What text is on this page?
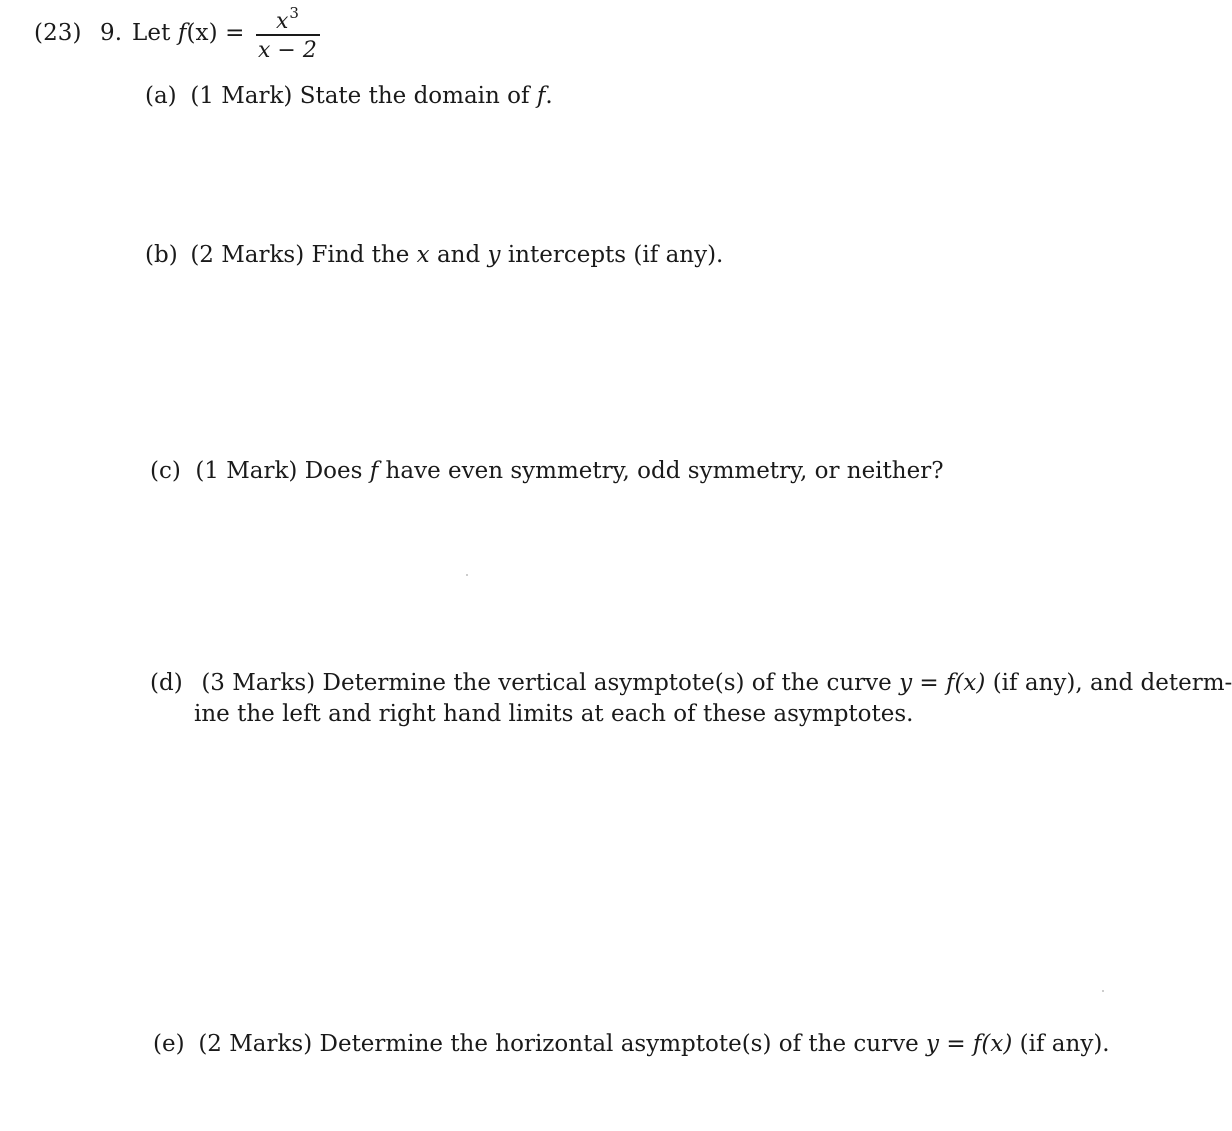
(23) 9. Let $f(x) = x^3$
x − 2
(a) (1 Mark) State the domain of f.
(b) (2 Marks) Find the x and y intercepts (if any).
(c) (1 Mark) Does f have even symmetry, odd symmetry, or neither?
(d) (3 Marks) Determine the vertical asymptote(s) of the curve y = f(x) (if any), and determ-
ine the left and right hand limits at each of these asymptotes.
(e) (2 Marks) Determine the horizontal asymptote(s) of the curve y = f(x) (if any).
